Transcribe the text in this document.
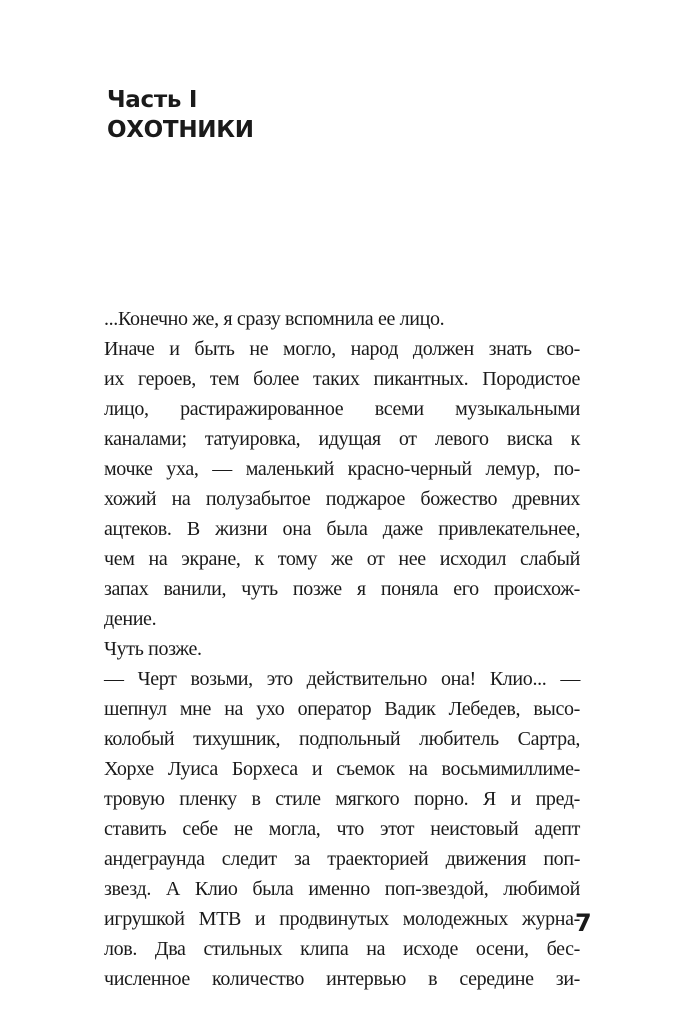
Часть I
ОХОТНИКИ
...Конечно же, я сразу вспомнила ее лицо.
Иначе и быть не могло, народ должен знать сво-
их героев, тем более таких пикантных. Породистое
лицо, растиражированное всеми музыкальными
каналами; татуировка, идущая от левого виска к
мочке уха, — маленький красно-черный лемур, по-
хожий на полузабытое поджарое божество древних
ацтеков. В жизни она была даже привлекательнее,
чем на экране, к тому же от нее исходил слабый
запах ванили, чуть позже я поняла его происхож-
дение.
Чуть позже.
— Черт возьми, это действительно она! Клио... —
шепнул мне на ухо оператор Вадик Лебедев, высо-
колобый тихушник, подпольный любитель Сартра,
Хорхе Луиса Борхеса и съемок на восьмимиллиме-
тровую пленку в стиле мягкого порно. Я и пред-
ставить себе не могла, что этот неистовый адепт
андеграунда следит за траекторией движения поп-
звезд. А Клио была именно поп-звездой, любимой
игрушкой МТВ и продвинутых молодежных журна-
лов. Два стильных клипа на исходе осени, бес-
численное количество интервью в середине зи-
7
